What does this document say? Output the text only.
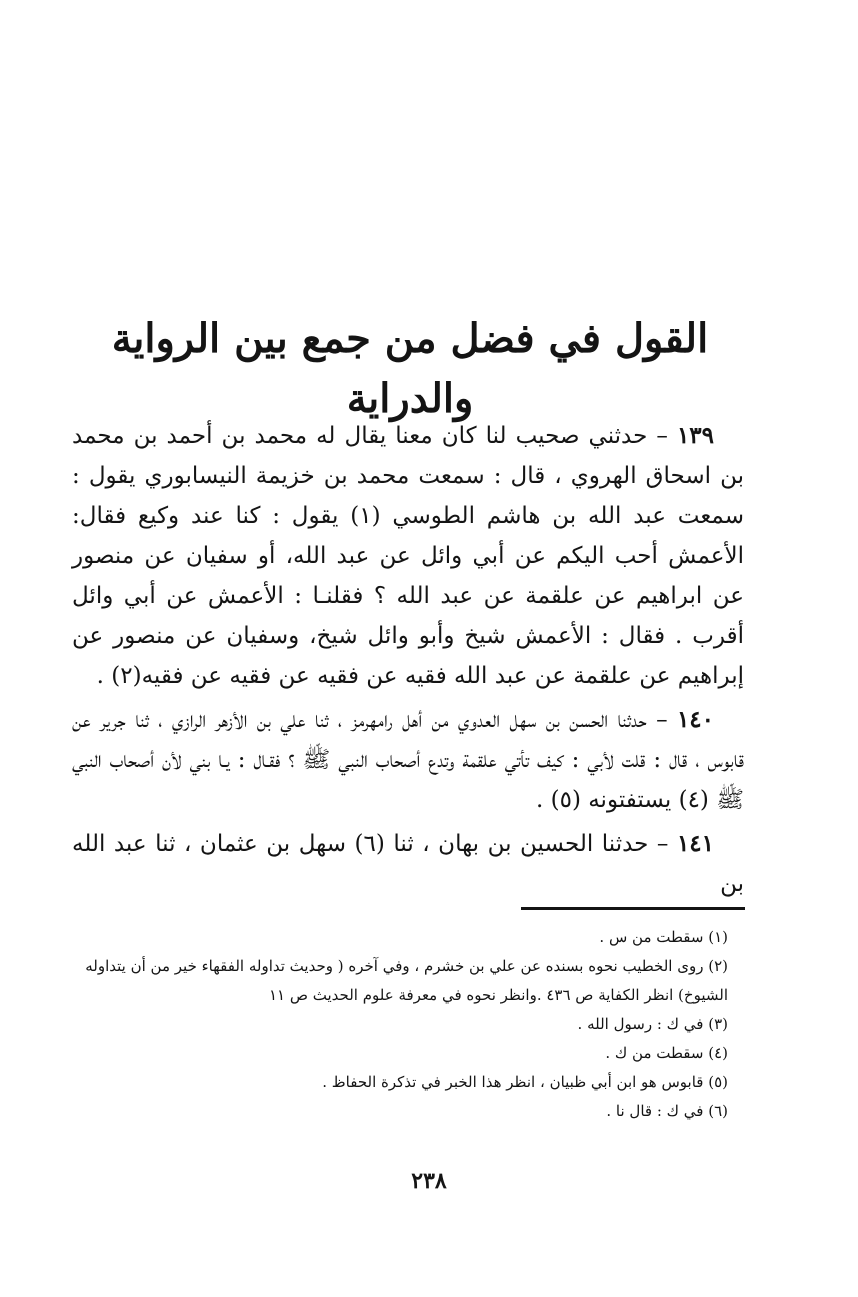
القول في فضل من جمع بين الرواية والدراية

١٣٩ – حدثني صحيب لنا كان معنا يقال له محمد بن أحمد بن محمد بن اسحاق الهروي ، قال : سمعت محمد بن خزيمة النيسابوري يقول : سمعت عبد الله بن هاشم الطوسي (١) يقول : كنا عند وكيع فقال: الأعمش أحب اليكم عن أبي وائل عن عبد الله، أو سفيان عن منصور عن ابراهيم عن علقمة عن عبد الله ؟ فقلنـا : الأعمش عن أبي وائل أقرب . فقال : الأعمش شيخ وأبو وائل شيخ، وسفيان عن منصور عن إبراهيم عن علقمة عن عبد الله فقيه عن فقيه عن فقيه عن فقيه(٢) .

١٤٠ – حدثنا الحسن بن سهل العدوي من أهل رامهرمز ، ثنا علي بن الأزهر الرازي ، ثنا جرير عن قابوس ، قال : قلت لأبي : كيف تأتي علقمة وتدع أصحاب النبي ﷺ ؟ فقـال : يـا بني لأن أصحاب النبي ﷺ (٤) يستفتونه (٥) .

١٤١ – حدثنا الحسين بن بهان ، ثنا (٦) سهل بن عثمان ، ثنا عبد الله بن

(١) سقطت من س .

(٢) روى الخطيب نحوه بسنده عن علي بن خشرم ، وفي آخره ( وحديث تداوله الفقهاء خير من أن يتداوله الشيوخ) انظر الكفاية ص ٤٣٦ .وانظر نحوه في معرفة علوم الحديث ص ١١

(٣) في ك : رسول الله .

(٤) سقطت من ك .

(٥) قابوس هو ابن أبي ظبيان ، انظر هذا الخبر في تذكرة الحفاظ .

(٦) في ك : قال نا .

٢٣٨
